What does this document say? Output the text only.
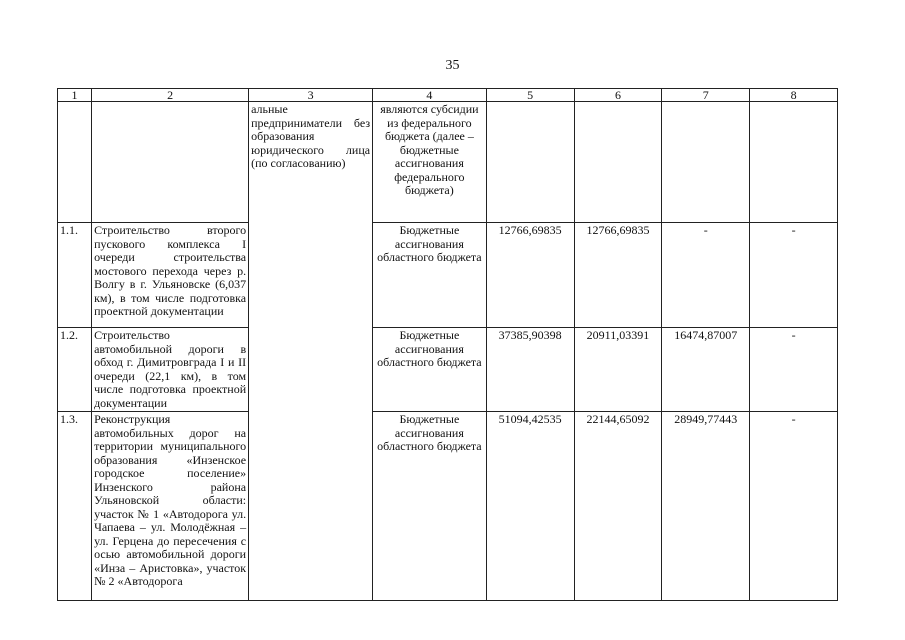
35
1	2	3	4	5	6	7	8
		альные предприниматели без образования юридического лица (по согласованию)	являются субсидии из федерального бюджета (далее – бюджетные ассигнования федерального бюджета)				
1.1.	Строительство второго пускового комплекса I очереди строительства мостового перехода через р. Волгу в г. Ульяновске (6,037 км), в том числе подготовка проектной документации		Бюджетные ассигнования областного бюджета	12766,69835	12766,69835	-	-
1.2.	Строительство автомобильной дороги в обход г. Димитровграда I и II очереди (22,1 км), в том числе подготовка проектной документации		Бюджетные ассигнования областного бюджета	37385,90398	20911,03391	16474,87007	-
1.3.	Реконструкция автомобильных дорог на территории муниципального образования «Инзенское городское поселение» Инзенского района Ульяновской области: участок № 1 «Автодорога ул. Чапаева – ул. Молодёжная – ул. Герцена до пересечения с осью автомобильной дороги «Инза – Аристовка», участок № 2 «Автодорога		Бюджетные ассигнования областного бюджета	51094,42535	22144,65092	28949,77443	-
